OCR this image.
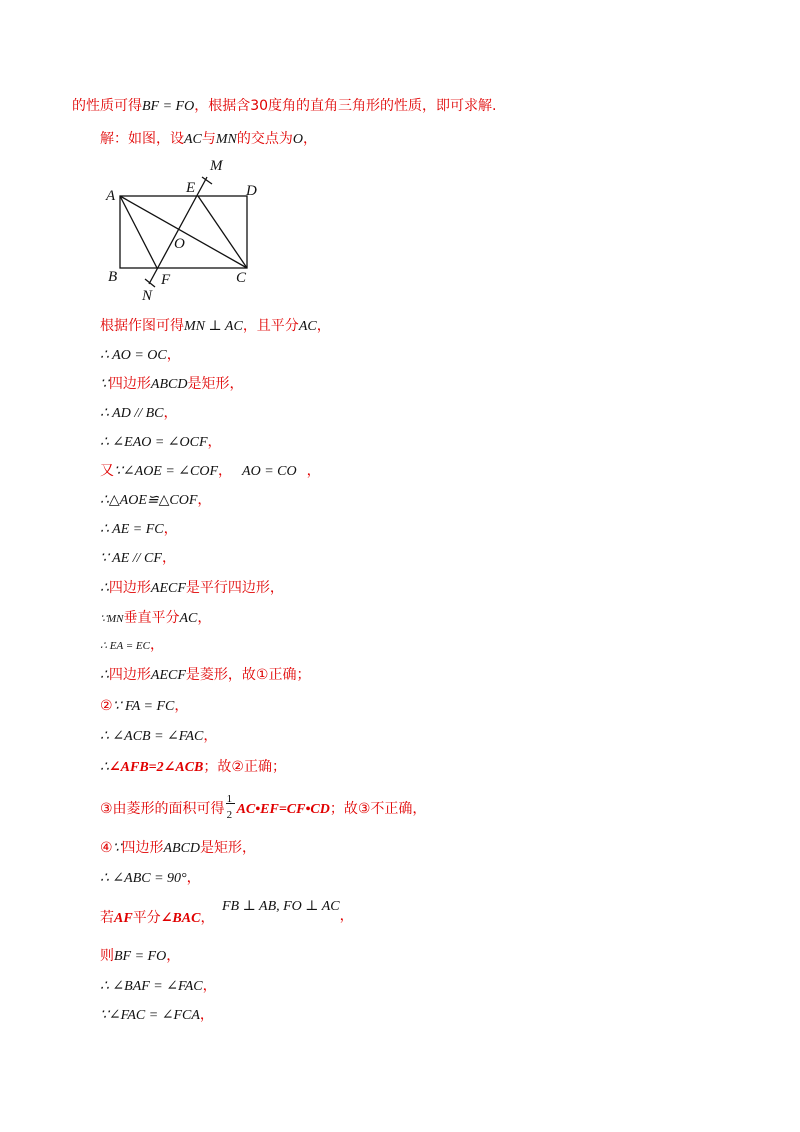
的性质可得BF = FO，根据含30度角的直角三角形的性质，即可求解.
解：如图，设AC与MN的交点为O，
A
B	C
D
E
F
M
N
O
根据作图可得MN ⊥ AC，且平分AC，
∴ AO = OC，
∵四边形ABCD是矩形，
∴ AD // BC，
∴ ∠EAO = ∠OCF，
又∵∠AOE = ∠COF， AO = CO ，
∴△AOE≌△COF，
∴ AE = FC，
∵ AE // CF，
∴四边形AECF是平行四边形，
∵MN垂直平分AC，
∴ EA = EC，
∴四边形AECF是菱形，故①正确；
②∵ FA = FC，
∴ ∠ACB = ∠FAC，
∴∠AFB=2∠ACB；故②正确；
③由菱形的面积可得 $\frac{1}{2}$ AC•EF=CF•CD；故③不正确，
④∵四边形ABCD是矩形，
∴ ∠ABC = 90°，
若AF平分∠BAC，
FB ⊥ AB, FO ⊥ AC，
则BF = FO，
∴ ∠BAF = ∠FAC，
∵∠FAC = ∠FCA，
